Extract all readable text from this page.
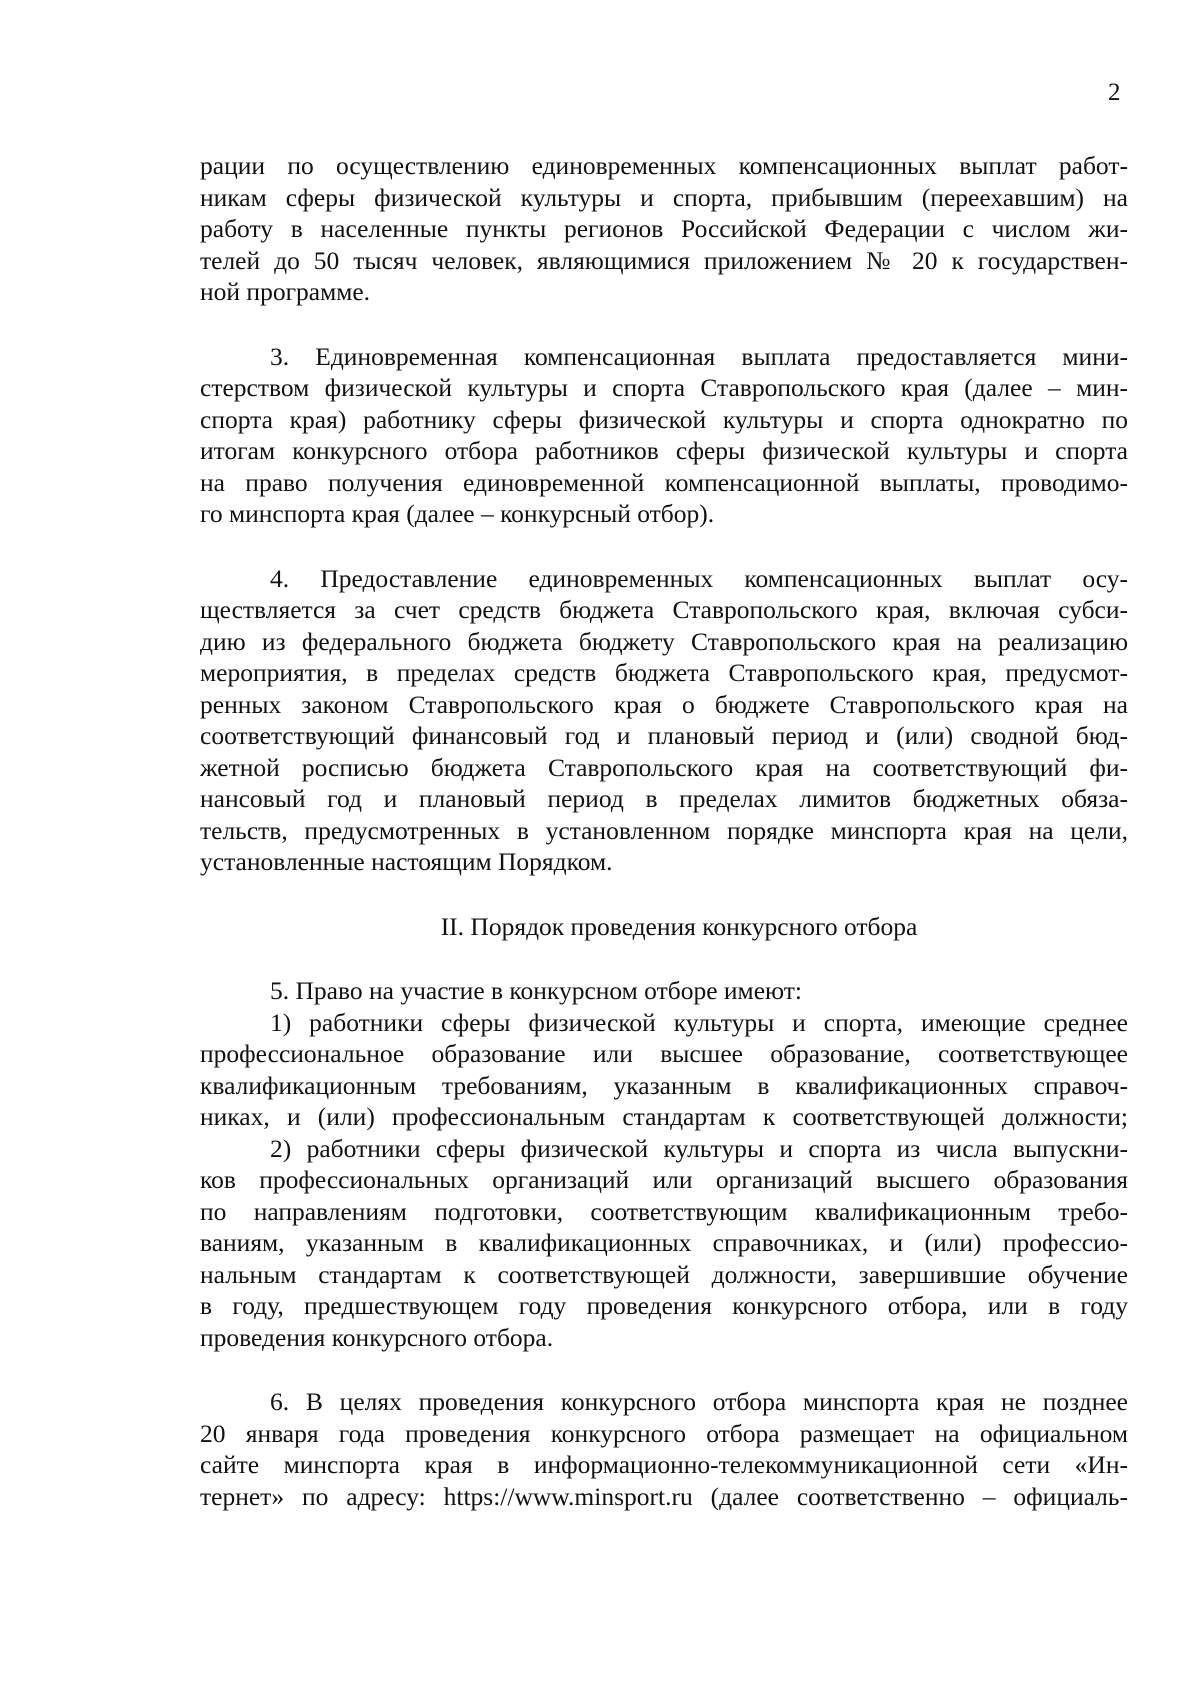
2
рации по осуществлению единовременных компенсационных выплат работ-
никам сферы физической культуры и спорта, прибывшим (переехавшим) на
работу в населенные пункты регионов Российской Федерации с числом жи-
телей до 50 тысяч человек, являющимися приложением № 20 к государствен-
ной программе.
3. Единовременная компенсационная выплата предоставляется мини-
стерством физической культуры и спорта Ставропольского края (далее – мин-
спорта края) работнику сферы физической культуры и спорта однократно по
итогам конкурсного отбора работников сферы физической культуры и спорта
на право получения единовременной компенсационной выплаты, проводимо-
го минспорта края (далее – конкурсный отбор).
4. Предоставление единовременных компенсационных выплат осу-
ществляется за счет средств бюджета Ставропольского края, включая субси-
дию из федерального бюджета бюджету Ставропольского края на реализацию
мероприятия, в пределах средств бюджета Ставропольского края, предусмот-
ренных законом Ставропольского края о бюджете Ставропольского края на
соответствующий финансовый год и плановый период и (или) сводной бюд-
жетной росписью бюджета Ставропольского края на соответствующий фи-
нансовый год и плановый период в пределах лимитов бюджетных обяза-
тельств, предусмотренных в установленном порядке минспорта края на цели,
установленные настоящим Порядком.
II. Порядок проведения конкурсного отбора
5. Право на участие в конкурсном отборе имеют:
1) работники сферы физической культуры и спорта, имеющие среднее
профессиональное образование или высшее образование, соответствующее
квалификационным требованиям, указанным в квалификационных справоч-
никах, и (или) профессиональным стандартам к соответствующей должности;
2) работники сферы физической культуры и спорта из числа выпускни-
ков профессиональных организаций или организаций высшего образования
по направлениям подготовки, соответствующим квалификационным требо-
ваниям, указанным в квалификационных справочниках, и (или) профессио-
нальным стандартам к соответствующей должности, завершившие обучение
в году, предшествующем году проведения конкурсного отбора, или в году
проведения конкурсного отбора.
6. В целях проведения конкурсного отбора минспорта края не позднее
20 января года проведения конкурсного отбора размещает на официальном
сайте минспорта края в информационно-телекоммуникационной сети «Ин-
тернет» по адресу: https://www.minsport.ru (далее соответственно – официаль-
